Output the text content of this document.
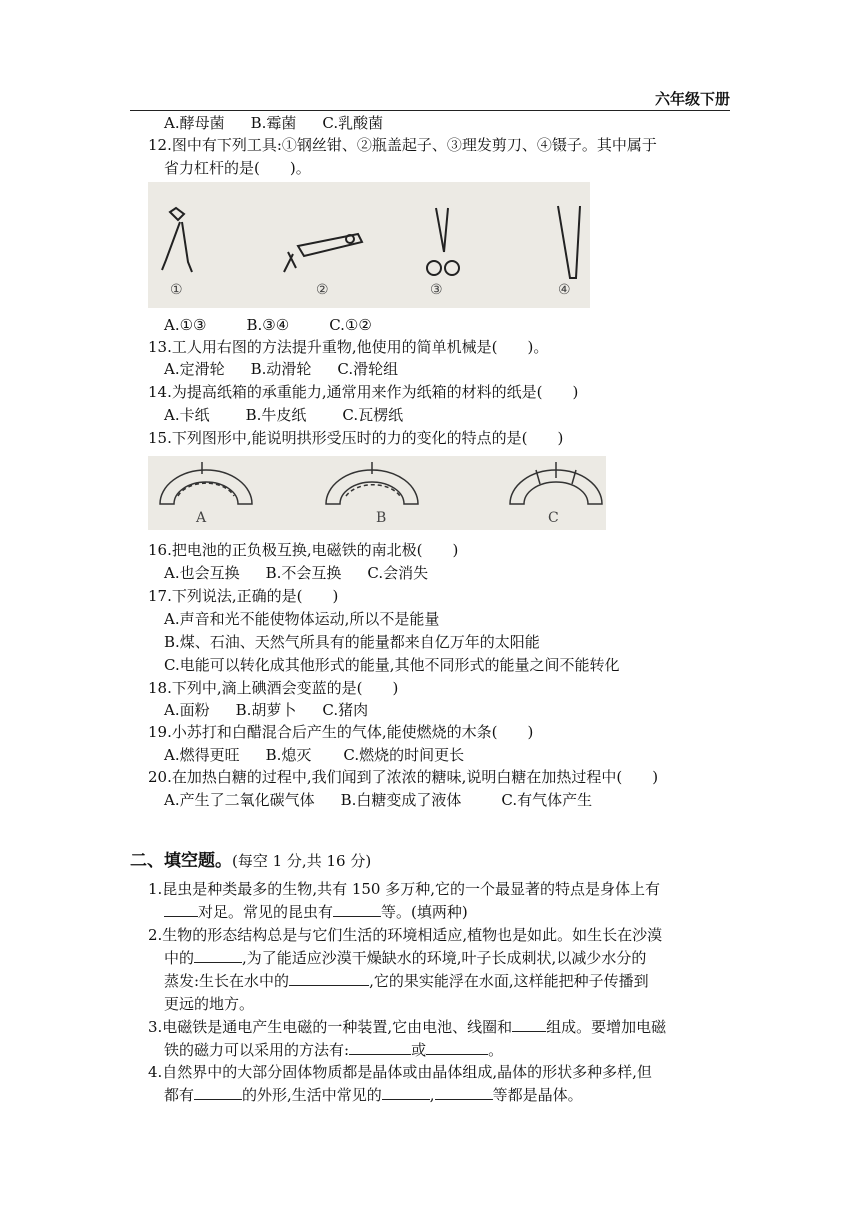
六年级下册
A.酵母菌 B.霉菌 C.乳酸菌
12.图中有下列工具:①钢丝钳、②瓶盖起子、③理发剪刀、④镊子。其中属于
省力杠杆的是(　　)。
①	②	③	④
A.①③	B.③④	C.①②
13.工人用右图的方法提升重物,他使用的简单机械是(　　)。
A.定滑轮 B.动滑轮 C.滑轮组
14.为提高纸箱的承重能力,通常用来作为纸箱的材料的纸是(　　)
A.卡纸 B.牛皮纸 C.瓦楞纸
15.下列图形中,能说明拱形受压时的力的变化的特点的是(　　)
A	B	C
16.把电池的正负极互换,电磁铁的南北极(　　)
A.也会互换 B.不会互换 C.会消失
17.下列说法,正确的是(　　)
A.声音和光不能使物体运动,所以不是能量
B.煤、石油、天然气所具有的能量都来自亿万年的太阳能
C.电能可以转化成其他形式的能量,其他不同形式的能量之间不能转化
18.下列中,滴上碘酒会变蓝的是(　　)
A.面粉 B.胡萝卜 C.猪肉
19.小苏打和白醋混合后产生的气体,能使燃烧的木条(　　)
A.燃得更旺 B.熄灭 C.燃烧的时间更长
20.在加热白糖的过程中,我们闻到了浓浓的糖味,说明白糖在加热过程中(　　)
A.产生了二氧化碳气体 B.白糖变成了液体	C.有气体产生
二、填空题。(每空 1 分,共 16 分)
1.昆虫是种类最多的生物,共有 150 多万种,它的一个最显著的特点是身体上有
对足。常见的昆虫有	等。(填两种)
2.生物的形态结构总是与它们生活的环境相适应,植物也是如此。如生长在沙漠
中的	,为了能适应沙漠干燥缺水的环境,叶子长成刺状,以减少水分的
蒸发:生长在水中的	,它的果实能浮在水面,这样能把种子传播到
更远的地方。
3.电磁铁是通电产生电磁的一种装置,它由电池、线圈和 组成。要增加电磁
铁的磁力可以采用的方法有:	或	。
4.自然界中的大部分固体物质都是晶体或由晶体组成,晶体的形状多种多样,但
都有	的外形,生活中常见的	,	等都是晶体。
